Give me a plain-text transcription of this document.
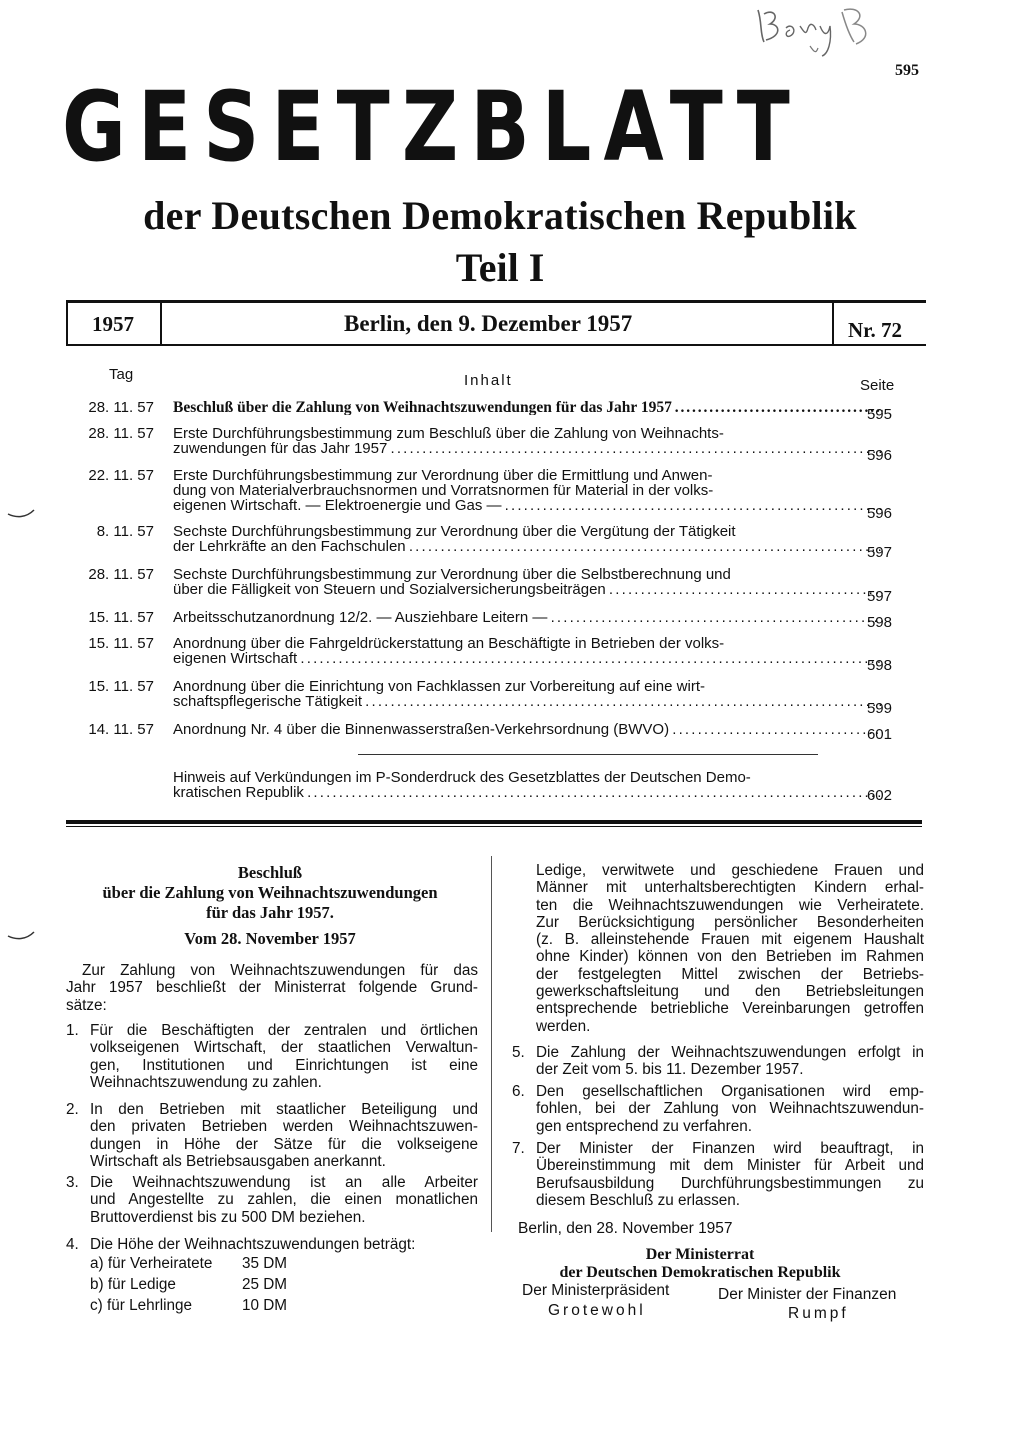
595
GESETZBLATT
der Deutschen Demokratischen Republik
Teil I
1957	Berlin, den 9. Dezember 1957	Nr. 72
Tag	Inhalt	Seite
28. 11. 57 Beschluß über die Zahlung von Weihnachtszuwendungen für das Jahr 1957 . . .	595
28. 11. 57 Erste Durchführungsbestimmung zum Beschluß über die Zahlung von Weihnachts-
zuwendungen für das Jahr 1957 . . .	596
22. 11. 57 Erste Durchführungsbestimmung zur Verordnung über die Ermittlung und Anwen-
dung von Materialverbrauchsnormen und Vorratsnormen für Material in der volks-
eigenen Wirtschaft. — Elektroenergie und Gas — . . .	596
8. 11. 57 Sechste Durchführungsbestimmung zur Verordnung über die Vergütung der Tätigkeit
der Lehrkräfte an den Fachschulen . . .	597
28. 11. 57 Sechste Durchführungsbestimmung zur Verordnung über die Selbstberechnung und
über die Fälligkeit von Steuern und Sozialversicherungsbeiträgen . . .	597
15. 11. 57 Arbeitsschutzanordnung 12/2. — Ausziehbare Leitern — . . .	598
15. 11. 57 Anordnung über die Fahrgeldrückerstattung an Beschäftigte in Betrieben der volks-
eigenen Wirtschaft . . .	598
15. 11. 57 Anordnung über die Einrichtung von Fachklassen zur Vorbereitung auf eine wirt-
schaftspflegerische Tätigkeit . . .	599
14. 11. 57 Anordnung Nr. 4 über die Binnenwasserstraßen-Verkehrsordnung (BWVO) . . .	601
Hinweis auf Verkündungen im P-Sonderdruck des Gesetzblattes der Deutschen Demo-
kratischen Republik . . .	602
Beschluß
über die Zahlung von Weihnachtszuwendungen
für das Jahr 1957.
Vom 28. November 1957
Zur Zahlung von Weihnachtszuwendungen für das
Jahr 1957 beschließt der Ministerrat folgende Grund-
sätze:
1. Für die Beschäftigten der zentralen und örtlichen
volkseigenen Wirtschaft, der staatlichen Verwaltun-
gen, Institutionen und Einrichtungen ist eine
Weihnachtszuwendung zu zahlen.
2. In den Betrieben mit staatlicher Beteiligung und
den privaten Betrieben werden Weihnachtszuwen-
dungen in Höhe der Sätze für die volkseigene
Wirtschaft als Betriebsausgaben anerkannt.
3. Die Weihnachtszuwendung ist an alle Arbeiter
und Angestellte zu zahlen, die einen monatlichen
Bruttoverdienst bis zu 500 DM beziehen.
4. Die Höhe der Weihnachtszuwendungen beträgt:
a) für Verheiratete 35 DM
b) für Ledige	25 DM
c) für Lehrlinge	10 DM
Ledige, verwitwete und geschiedene Frauen und
Männer mit unterhaltsberechtigten Kindern erhal-
ten die Weihnachtszuwendungen wie Verheiratete.
Zur Berücksichtigung persönlicher Besonderheiten
(z. B. alleinstehende Frauen mit eigenem Haushalt
ohne Kinder) können von den Betrieben im Rahmen
der festgelegten Mittel zwischen der Betriebs-
gewerkschaftsleitung und den Betriebsleitungen
entsprechende betriebliche Vereinbarungen getroffen
werden.
5. Die Zahlung der Weihnachtszuwendungen erfolgt in
der Zeit vom 5. bis 11. Dezember 1957.
6. Den gesellschaftlichen Organisationen wird emp-
fohlen, bei der Zahlung von Weihnachtszuwendun-
gen entsprechend zu verfahren.
7. Der Minister der Finanzen wird beauftragt, in
Übereinstimmung mit dem Minister für Arbeit und
Berufsausbildung Durchführungsbestimmungen zu
diesem Beschluß zu erlassen.
Berlin, den 28. November 1957
Der Ministerrat
der Deutschen Demokratischen Republik
Der Ministerpräsident
Grotewohl
Der Minister der Finanzen
Rumpf
